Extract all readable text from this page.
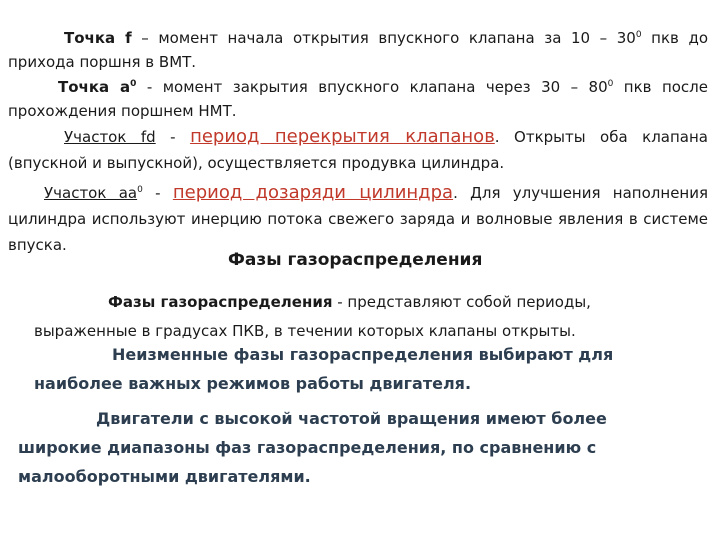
Точка f – момент начала открытия впускного клапана за $10 - 30^0$ пкв до прихода поршня в ВМТ.

Точка $a^0$ - момент закрытия впускного клапана через $30 - 80^0$ пкв после прохождения поршнем НМТ.

Участок fd - период перекрытия клапанов. Открыты оба клапана (впускной и выпускной), осуществляется продувка цилиндра.

Участок $aa^0$ - период дозаряди цилиндра. Для улучшения наполнения цилиндра используют инерцию потока свежего заряда и волновые явления в системе впуска.

Фазы газораспределения

Фазы газораспределения - представляют собой периоды, выраженные в градусах ПКВ, в течении которых клапаны открыты.

Неизменные фазы газораспределения выбирают для наиболее важных режимов работы двигателя.

Двигатели с высокой частотой вращения имеют более широкие диапазоны фаз газораспределения, по сравнению с малооборотными двигателями.
